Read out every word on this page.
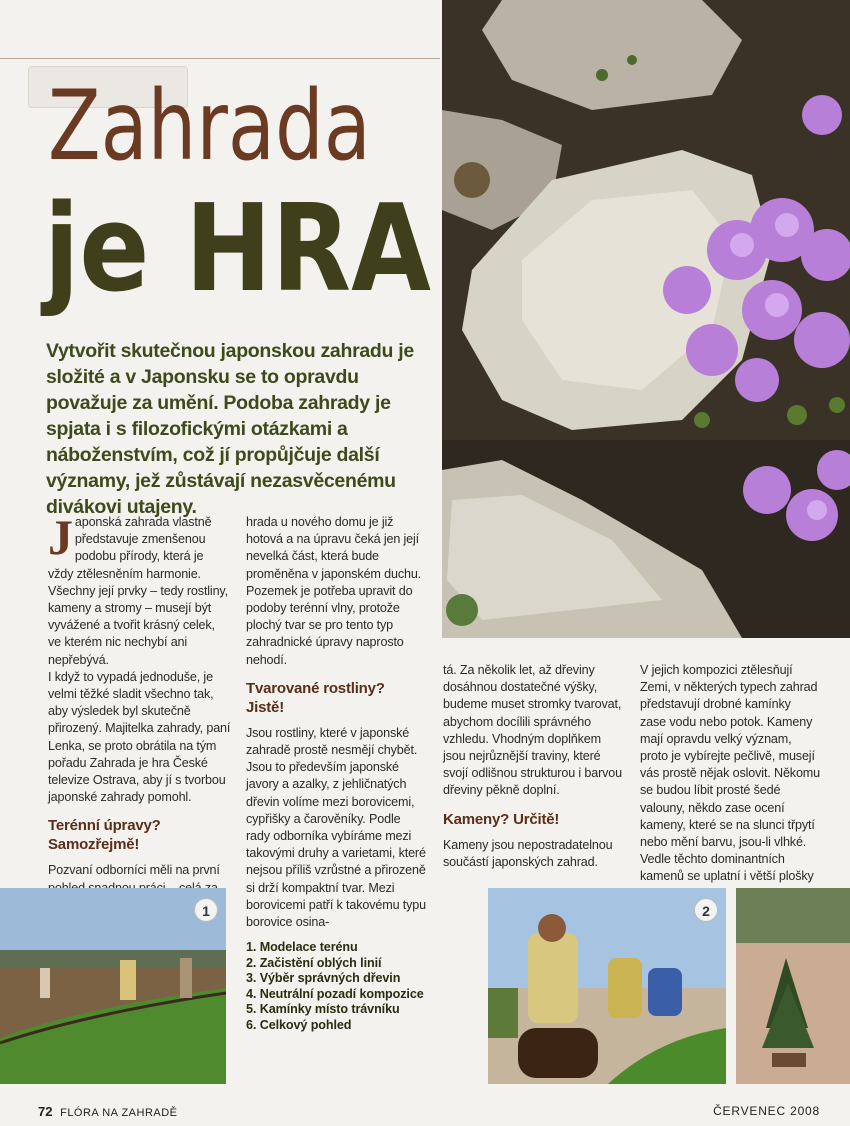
Zahrada
je HRA

Vytvořit skutečnou japonskou zahradu je složité a v Japonsku se to opravdu považuje za umění. Podoba zahrady je spjata i s filozofickými otázkami a náboženstvím, což jí propůjčuje další významy, jež zůstávají nezasvěcenému divákovi utajeny.

Japonská zahrada vlastně představuje zmenšenou podobu přírody, která je vždy ztělesněním harmonie. Všechny její prvky – tedy rostliny, kameny a stromy – musejí být vyvážené a tvořit krásný celek, ve kterém nic nechybí ani nepřebývá.

I když to vypadá jednoduše, je velmi těžké sladit všechno tak, aby výsledek byl skutečně přirozený. Majitelka zahrady, paní Lenka, se proto obrátila na tým pořadu Zahrada je hra České televize Ostrava, aby jí s tvorbou japonské zahrady pomohl.

Terénní úpravy? Samozřejmě!

Pozvaní odborníci měli na první

hrada u nového domu je již hotová a na úpravu čeká jen její nevelká část, která bude proměněna v japonském duchu.

Pozemek je potřeba upravit do podoby terénní vlny, protože plochý tvar se pro tento typ zahradnické úpravy naprosto nehodí.

Tvarované rostliny? Jistě!

Jsou rostliny, které v japonské zahradě prostě nesmějí chybět. Jsou to především japonské javory a azalky, z jehličnatých dřevin volíme mezi borovicemi, cypřišky a čarověníky. Podle rady odborníka vybíráme mezi takovými druhy a varietami, které nejsou příliš vzrůstné a přirozeně si drží kompaktní tvar. Mezi borovicemi patří k takovému typu borovice osina-

tá. Za několik let, až dřeviny dosáhnou dostatečné výšky, budeme muset stromky tvarovat, abychom docílili správného vzhledu. Vhodným doplňkem jsou nejrůznější traviny, které svojí odlišnou strukturou i barvou dřeviny pěkně doplní.

Kameny? Určitě!

Kameny jsou nepostradatelnou součástí japonských zahrad.

V jejich kompozici ztělesňují Zemi, v některých typech zahrad představují drobné kamínky zase vodu nebo potok. Kameny mají opravdu velký význam, proto je vybírejte pečlivě, musejí vás prostě nějak oslovit. Někomu se budou líbit prosté šedé valouny, někdo zase ocení kameny, které se na slunci třpytí nebo mění barvu, jsou-li vlhké. Vedle těchto dominantních kamenů se uplatní i větší plošky

1	2
1. Modelace terénu
2. Začistění oblých linií
3. Výběr správných dřevin
4. Neutrální pozadí kompozice
5. Kamínky místo trávníku
6. Celkový pohled
72 FLÓRA NA ZAHRADĚ	ČERVENEC 2008
